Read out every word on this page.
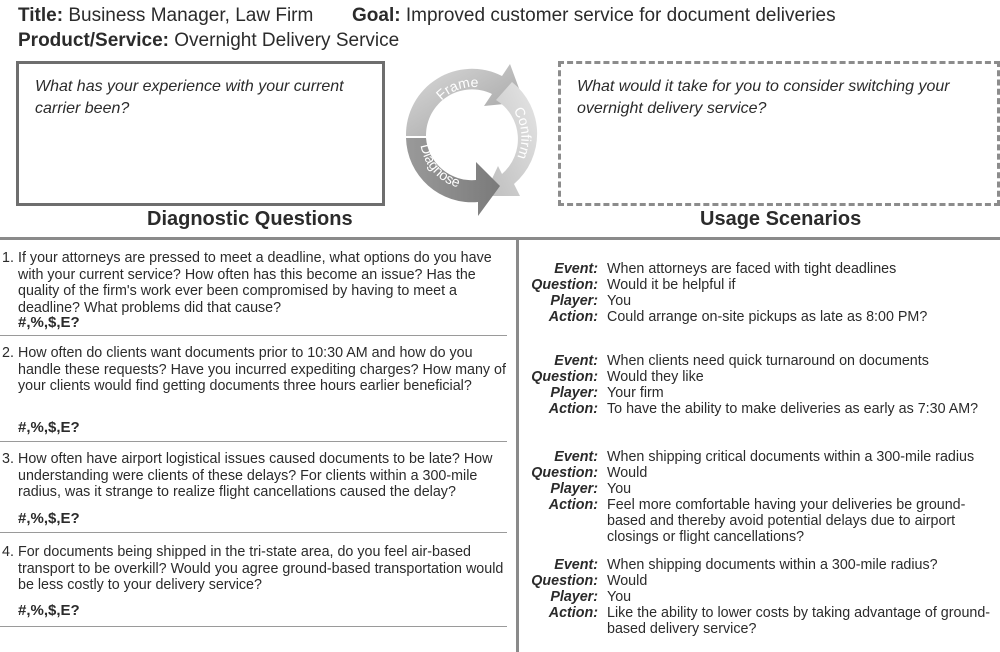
Title: Business Manager, Law Firm Goal: Improved customer service for document deliveries
Product/Service: Overnight Delivery Service
What has your experience with your current carrier been?
What would it take for you to consider switching your overnight delivery service?
Frame
Confirm
Diagnose
Diagnostic Questions	Usage Scenarios
1. If your attorneys are pressed to meet a deadline, what options do you have with your current service? How often has this become an issue? Has the quality of the firm's work ever been compromised by having to meet a deadline? What problems did that cause?
#,%,$,E?
2. How often do clients want documents prior to 10:30 AM and how do you handle these requests? Have you incurred expediting charges? How many of your clients would find getting documents three hours earlier beneficial?
#,%,$,E?
3. How often have airport logistical issues caused documents to be late? How understanding were clients of these delays? For clients within a 300-mile radius, was it strange to realize flight cancellations caused the delay?
#,%,$,E?
4. For documents being shipped in the tri-state area, do you feel air-based transport to be overkill? Would you agree ground-based transportation would be less costly to your delivery service?
#,%,$,E?
Event: When attorneys are faced with tight deadlines
Question: Would it be helpful if
Player: You
Action: Could arrange on-site pickups as late as 8:00 PM?
Event: When clients need quick turnaround on documents
Question: Would they like
Player: Your firm
Action: To have the ability to make deliveries as early as 7:30 AM?
Event: When shipping critical documents within a 300-mile radius
Question: Would
Player: You
Action: Feel more comfortable having your deliveries be ground-based and thereby avoid potential delays due to airport closings or flight cancellations?
Event: When shipping documents within a 300-mile radius?
Question: Would
Player: You
Action: Like the ability to lower costs by taking advantage of ground-based delivery service?
